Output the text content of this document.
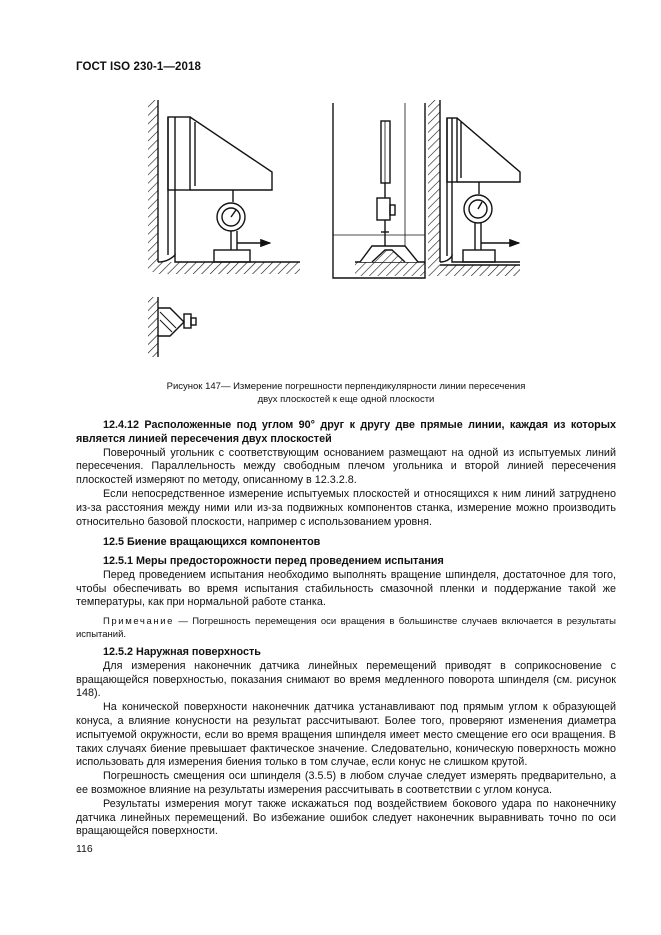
ГОСТ ISO 230-1—2018
Рисунок 147— Измерение погрешности перпендикулярности линии пересечения
двух плоскостей к еще одной плоскости

12.4.12 Расположенные под углом 90° друг к другу две прямые линии, каждая из которых является линией пересечения двух плоскостей

Поверочный угольник с соответствующим основанием размещают на одной из испытуемых линий пересечения. Параллельность между свободным плечом угольника и второй линией пересечения плоскостей измеряют по методу, описанному в 12.3.2.8.

Если непосредственное измерение испытуемых плоскостей и относящихся к ним линий затруднено из-за расстояния между ними или из-за подвижных компонентов станка, измерение можно производить относительно базовой плоскости, например с использованием уровня.

12.5 Биение вращающихся компонентов

12.5.1 Меры предосторожности перед проведением испытания

Перед проведением испытания необходимо выполнять вращение шпинделя, достаточное для того, чтобы обеспечивать во время испытания стабильность смазочной пленки и поддержание такой же температуры, как при нормальной работе станка.

Примечание — Погрешность перемещения оси вращения в большинстве случаев включается в результаты испытаний.

12.5.2 Наружная поверхность

Для измерения наконечник датчика линейных перемещений приводят в соприкосновение с вращающейся поверхностью, показания снимают во время медленного поворота шпинделя (см. рисунок 148).

На конической поверхности наконечник датчика устанавливают под прямым углом к образующей конуса, а влияние конусности на результат рассчитывают. Более того, проверяют изменения диаметра испытуемой окружности, если во время вращения шпинделя имеет место смещение его оси вращения. В таких случаях биение превышает фактическое значение. Следовательно, коническую поверхность можно использовать для измерения биения только в том случае, если конус не слишком крутой.

Погрешность смещения оси шпинделя (3.5.5) в любом случае следует измерять предварительно, а ее возможное влияние на результаты измерения рассчитывать в соответствии с углом конуса.

Результаты измерения могут также искажаться под воздействием бокового удара по наконечнику датчика линейных перемещений. Во избежание ошибок следует наконечник выравнивать точно по оси вращающейся поверхности.

116
